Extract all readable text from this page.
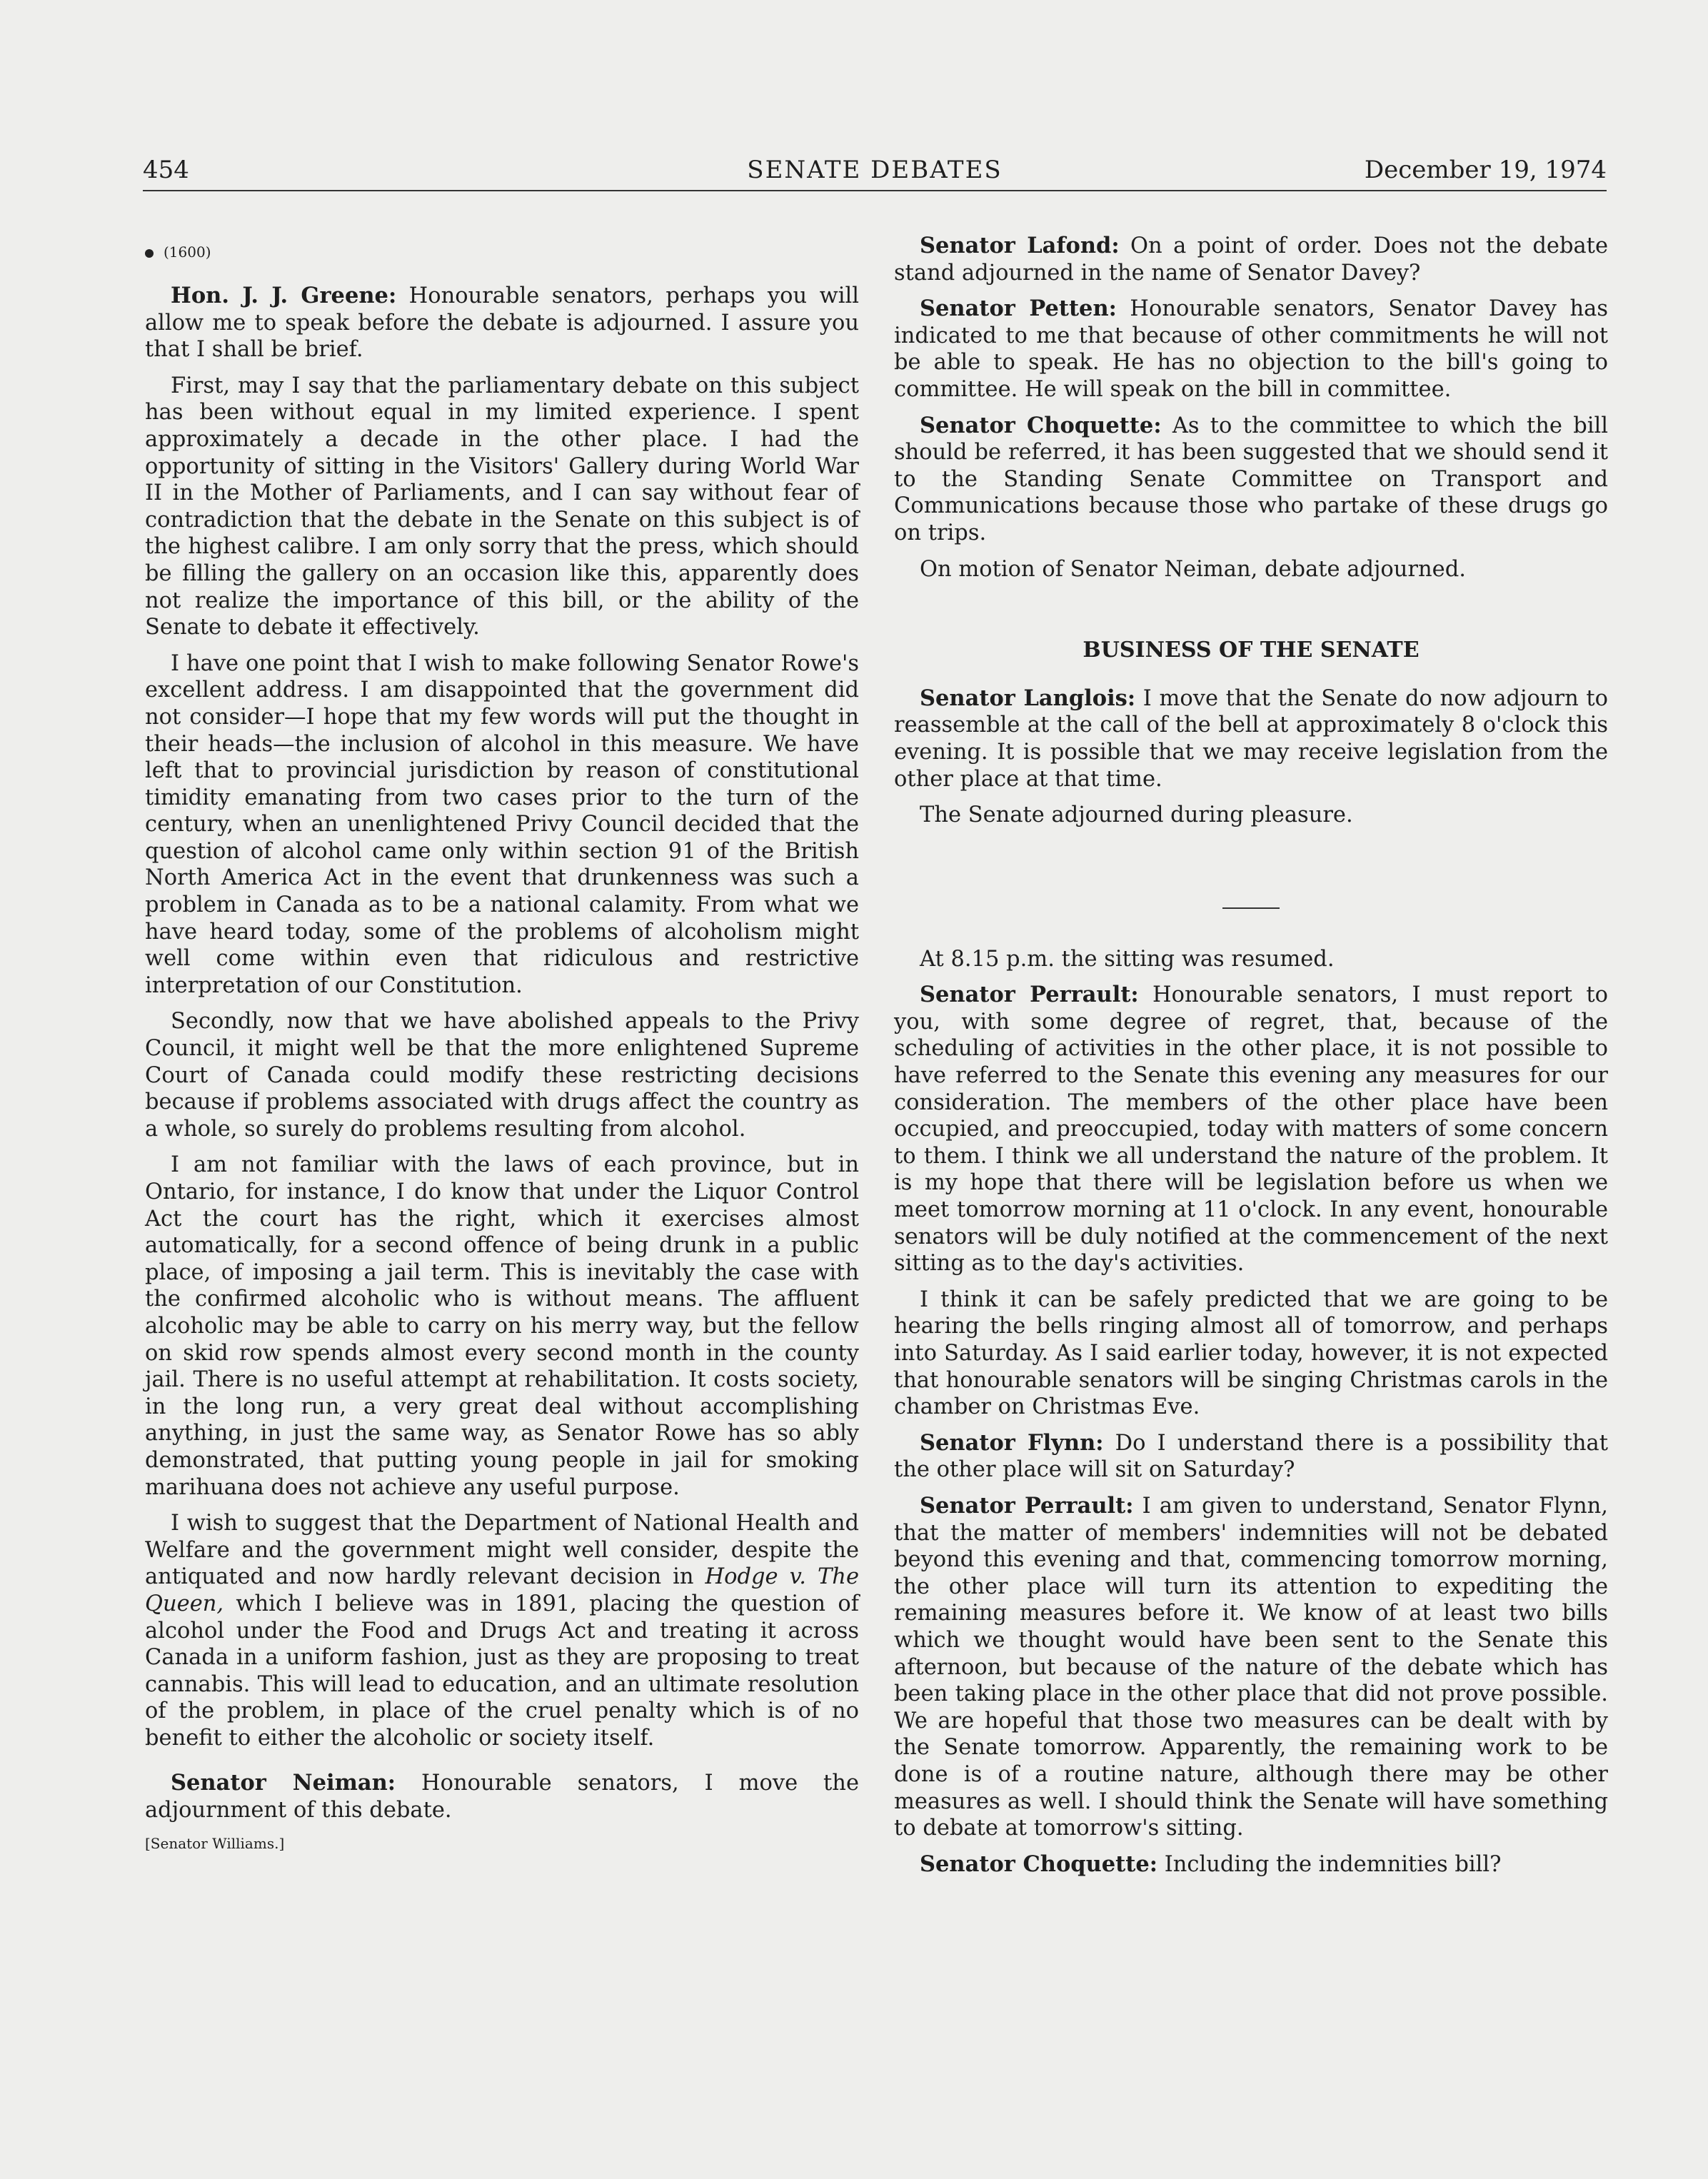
454	SENATE DEBATES	December 19, 1974
(1600)

Hon. J. J. Greene: Honourable senators, perhaps you will allow me to speak before the debate is adjourned. I assure you that I shall be brief.

First, may I say that the parliamentary debate on this subject has been without equal in my limited experience. I spent approximately a decade in the other place. I had the opportunity of sitting in the Visitors' Gallery during World War II in the Mother of Parliaments, and I can say without fear of contradiction that the debate in the Senate on this subject is of the highest calibre. I am only sorry that the press, which should be filling the gallery on an occasion like this, apparently does not realize the importance of this bill, or the ability of the Senate to debate it effectively.

I have one point that I wish to make following Senator Rowe's excellent address. I am disappointed that the government did not consider—I hope that my few words will put the thought in their heads—the inclusion of alcohol in this measure. We have left that to provincial jurisdiction by reason of constitutional timidity emanating from two cases prior to the turn of the century, when an unenlightened Privy Council decided that the question of alcohol came only within section 91 of the British North America Act in the event that drunkenness was such a problem in Canada as to be a national calamity. From what we have heard today, some of the problems of alcoholism might well come within even that ridiculous and restrictive interpretation of our Constitution.

Secondly, now that we have abolished appeals to the Privy Council, it might well be that the more enlightened Supreme Court of Canada could modify these restricting decisions because if problems associated with drugs affect the country as a whole, so surely do problems resulting from alcohol.

I am not familiar with the laws of each province, but in Ontario, for instance, I do know that under the Liquor Control Act the court has the right, which it exercises almost automatically, for a second offence of being drunk in a public place, of imposing a jail term. This is inevitably the case with the confirmed alcoholic who is without means. The affluent alcoholic may be able to carry on his merry way, but the fellow on skid row spends almost every second month in the county jail. There is no useful attempt at rehabilitation. It costs society, in the long run, a very great deal without accomplishing anything, in just the same way, as Senator Rowe has so ably demonstrated, that putting young people in jail for smoking marihuana does not achieve any useful purpose.

I wish to suggest that the Department of National Health and Welfare and the government might well consider, despite the antiquated and now hardly relevant decision in Hodge v. The Queen, which I believe was in 1891, placing the question of alcohol under the Food and Drugs Act and treating it across Canada in a uniform fashion, just as they are proposing to treat cannabis. This will lead to education, and an ultimate resolution of the problem, in place of the cruel penalty which is of no benefit to either the alcoholic or society itself.

Senator Neiman: Honourable senators, I move the adjournment of this debate.

[Senator Williams.]

Senator Lafond: On a point of order. Does not the debate stand adjourned in the name of Senator Davey?

Senator Petten: Honourable senators, Senator Davey has indicated to me that because of other commitments he will not be able to speak. He has no objection to the bill's going to committee. He will speak on the bill in committee.

Senator Choquette: As to the committee to which the bill should be referred, it has been suggested that we should send it to the Standing Senate Committee on Transport and Communications because those who partake of these drugs go on trips.

On motion of Senator Neiman, debate adjourned.

BUSINESS OF THE SENATE

Senator Langlois: I move that the Senate do now adjourn to reassemble at the call of the bell at approximately 8 o'clock this evening. It is possible that we may receive legislation from the other place at that time.

The Senate adjourned during pleasure.

At 8.15 p.m. the sitting was resumed.

Senator Perrault: Honourable senators, I must report to you, with some degree of regret, that, because of the scheduling of activities in the other place, it is not possible to have referred to the Senate this evening any measures for our consideration. The members of the other place have been occupied, and preoccupied, today with matters of some concern to them. I think we all understand the nature of the problem. It is my hope that there will be legislation before us when we meet tomorrow morning at 11 o'clock. In any event, honourable senators will be duly notified at the commencement of the next sitting as to the day's activities.

I think it can be safely predicted that we are going to be hearing the bells ringing almost all of tomorrow, and perhaps into Saturday. As I said earlier today, however, it is not expected that honourable senators will be singing Christmas carols in the chamber on Christmas Eve.

Senator Flynn: Do I understand there is a possibility that the other place will sit on Saturday?

Senator Perrault: I am given to understand, Senator Flynn, that the matter of members' indemnities will not be debated beyond this evening and that, commencing tomorrow morning, the other place will turn its attention to expediting the remaining measures before it. We know of at least two bills which we thought would have been sent to the Senate this afternoon, but because of the nature of the debate which has been taking place in the other place that did not prove possible. We are hopeful that those two measures can be dealt with by the Senate tomorrow. Apparently, the remaining work to be done is of a routine nature, although there may be other measures as well. I should think the Senate will have something to debate at tomorrow's sitting.

Senator Choquette: Including the indemnities bill?
